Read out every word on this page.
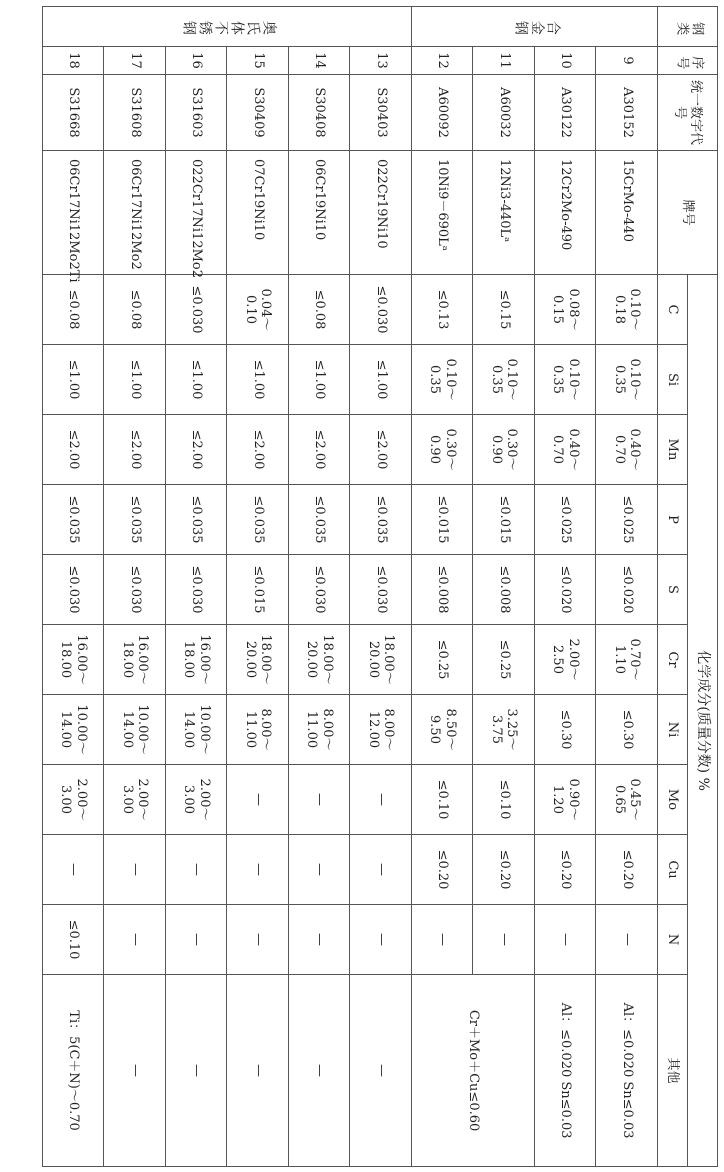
钢类	序号	统一数字代号	牌号	化学成分(质量分数) %										
				C	Si	Mn	P	S	Cr	Ni	Mo	Cu	N	其他
合金钢	9	A30152	15CrMo-440	0.10～0.18	0.10～0.35	0.40～0.70	≤0.025	≤0.020	0.70～1.10	≤0.30	0.45～0.65	≤0.20	—	Al：≤0.020 Sn≤0.03
	10	A30122	12Cr2Mo-490	0.08～0.15	0.10～0.35	0.40～0.70	≤0.025	≤0.020	2.00～2.50	≤0.30	0.90～1.20	≤0.20	—	Al：≤0.020 Sn≤0.03
	11	A60032	12Ni3-440Lᵃ	≤0.15	0.10～0.35	0.30～0.90	≤0.015	≤0.008	≤0.25	3.25～3.75	≤0.10	≤0.20	—	Cr＋Mo＋Cu≤0.60
	12	A60092	10Ni9－690Lᵃ	≤0.13	0.10～0.35	0.30～0.90	≤0.015	≤0.008	≤0.25	8.50～9.50	≤0.10	≤0.20	—	
奥氏体不锈钢	13	S30403	022Cr19Ni10	≤0.030	≤1.00	≤2.00	≤0.035	≤0.030	18.00～20.00	8.00～12.00	—	—	—	—
	14	S30408	06Cr19Ni10	≤0.08	≤1.00	≤2.00	≤0.035	≤0.030	18.00～20.00	8.00～11.00	—	—	—	—
	15	S30409	07Cr19Ni10	0.04～0.10	≤1.00	≤2.00	≤0.035	≤0.015	18.00～20.00	8.00～11.00	—	—	—	—
	16	S31603	022Cr17Ni12Mo2	≤0.030	≤1.00	≤2.00	≤0.035	≤0.030	16.00～18.00	10.00～14.00	2.00～3.00	—	—	—
	17	S31608	06Cr17Ni12Mo2	≤0.08	≤1.00	≤2.00	≤0.035	≤0.030	16.00～18.00	10.00～14.00	2.00～3.00	—	—	—
	18	S31668	06Cr17Ni12Mo2Ti	≤0.08	≤1.00	≤2.00	≤0.035	≤0.030	16.00～18.00	10.00～14.00	2.00～3.00	—	≤0.10	Ti：5(C＋N)～0.70
